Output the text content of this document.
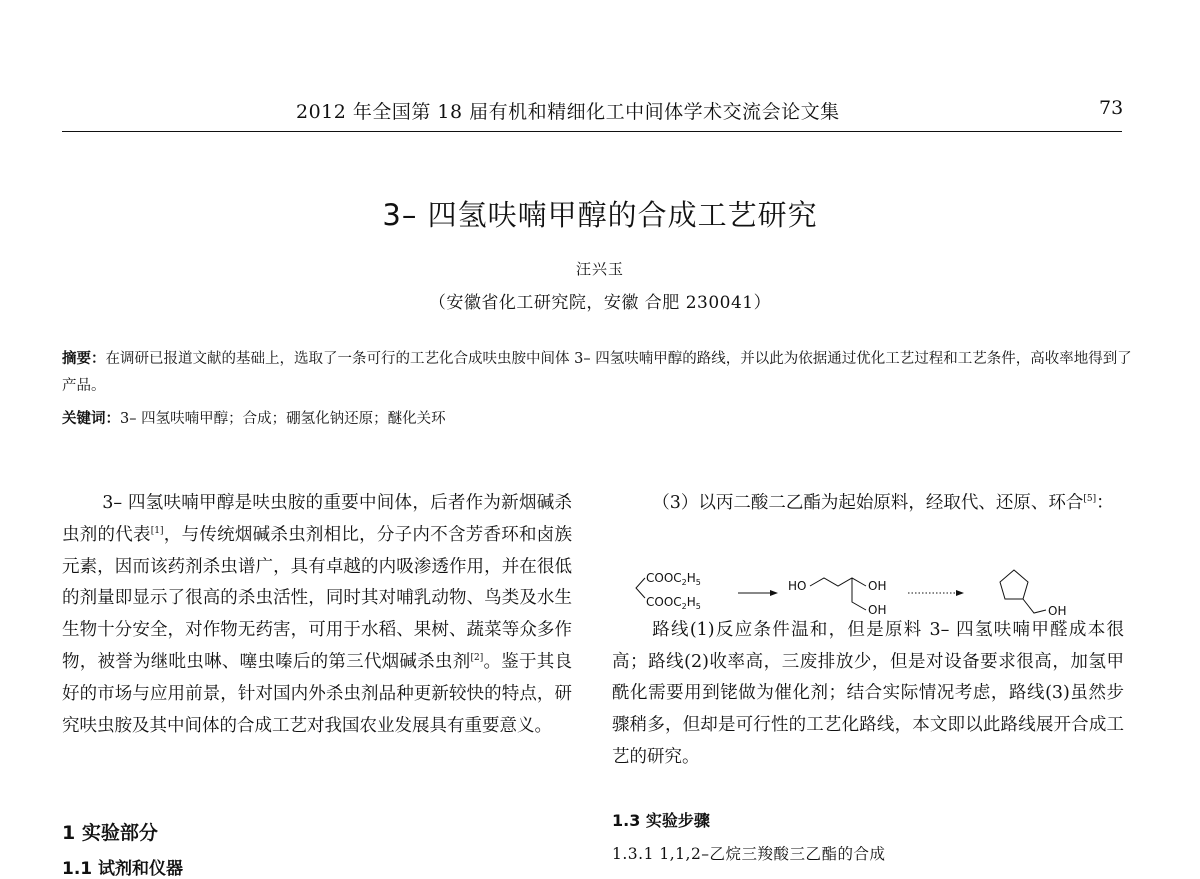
2012 年全国第 18 届有机和精细化工中间体学术交流会论文集	73
3– 四氢呋喃甲醇的合成工艺研究
汪兴玉
（安徽省化工研究院，安徽 合肥 230041）
摘要：在调研已报道文献的基础上，选取了一条可行的工艺化合成呋虫胺中间体 3– 四氢呋喃甲醇的路线，并以此为依据通过优化工艺过程和工艺条件，高收率地得到了产品。
关键词：3– 四氢呋喃甲醇；合成；硼氢化钠还原；醚化关环

3– 四氢呋喃甲醇是呋虫胺的重要中间体，后者作为新烟碱杀虫剂的代表[1]，与传统烟碱杀虫剂相比，分子内不含芳香环和卤族元素，因而该药剂杀虫谱广，具有卓越的内吸渗透作用，并在很低的剂量即显示了很高的杀虫活性，同时其对哺乳动物、鸟类及水生生物十分安全，对作物无药害，可用于水稻、果树、蔬菜等众多作物，被誉为继吡虫啉、噻虫嗪后的第三代烟碱杀虫剂[2]。鉴于其良好的市场与应用前景，针对国内外杀虫剂品种更新较快的特点，研究呋虫胺及其中间体的合成工艺对我国农业发展具有重要意义。

1 实验部分
1.1 试剂和仪器

（3）以丙二酸二乙酯为起始原料，经取代、还原、环合[5]：

路线(1)反应条件温和，但是原料 3– 四氢呋喃甲醛成本很高；路线(2)收率高，三废排放少，但是对设备要求很高，加氢甲酰化需要用到铑做为催化剂；结合实际情况考虑，路线(3)虽然步骤稍多，但却是可行性的工艺化路线，本文即以此路线展开合成工艺的研究。

$COOC_2H_5$
$COOC_2H_5$
HO	OH
OH	OH
1.3 实验步骤
1.3.1 1,1,2–乙烷三羧酸三乙酯的合成
